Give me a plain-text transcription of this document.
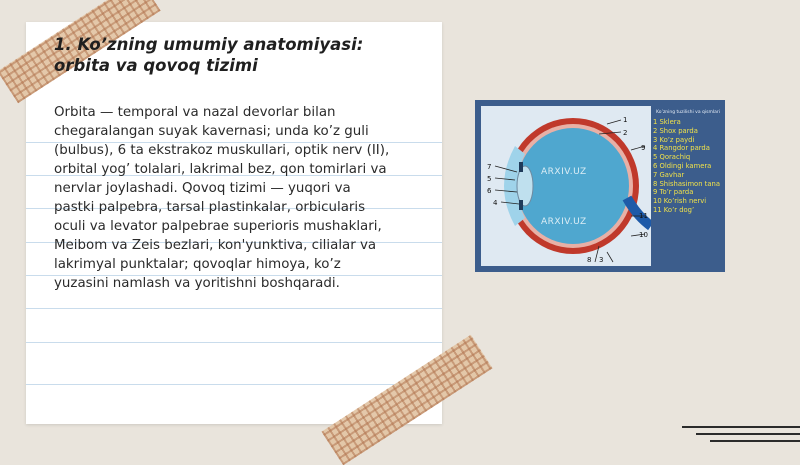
1. Ko’zning umumiy anatomiyasi: orbita va qovoq tizimi
Orbita — temporal va nazal devorlar bilan chegaralangan suyak kavernasi; unda ko’z guli (bulbus), 6 ta ekstrakoz muskullari, optik nerv (II), orbital yog’ tolalari, lakrimal bez, qon tomirlari va nervlar joylashadi. Qovoq tizimi — yuqori va pastki palpebra, tarsal plastinkalar, orbicularis oculi va levator palpebrae superioris mushaklari, Meibom va Zeis bezlari, kon'yunktiva, cilialar va lakrimyal punktalar; qovoqlar himoya, ko’z yuzasini namlash va yoritishni boshqaradi.
ARXIV.UZ
ARXIV.UZ
1
2
7
5
6
4
9
3
10
8
11
Ko’zning tuzilishi va qismlari
1 Sklera
2 Shox parda
3 Ko’z paydi
4 Rangdor parda
5 Qorachiq
6 Oldingi kamera
7 Gavhar
8 Shishasimon tana
9 To’r parda
10 Ko’rish nervi
11 Ko’r dog’
